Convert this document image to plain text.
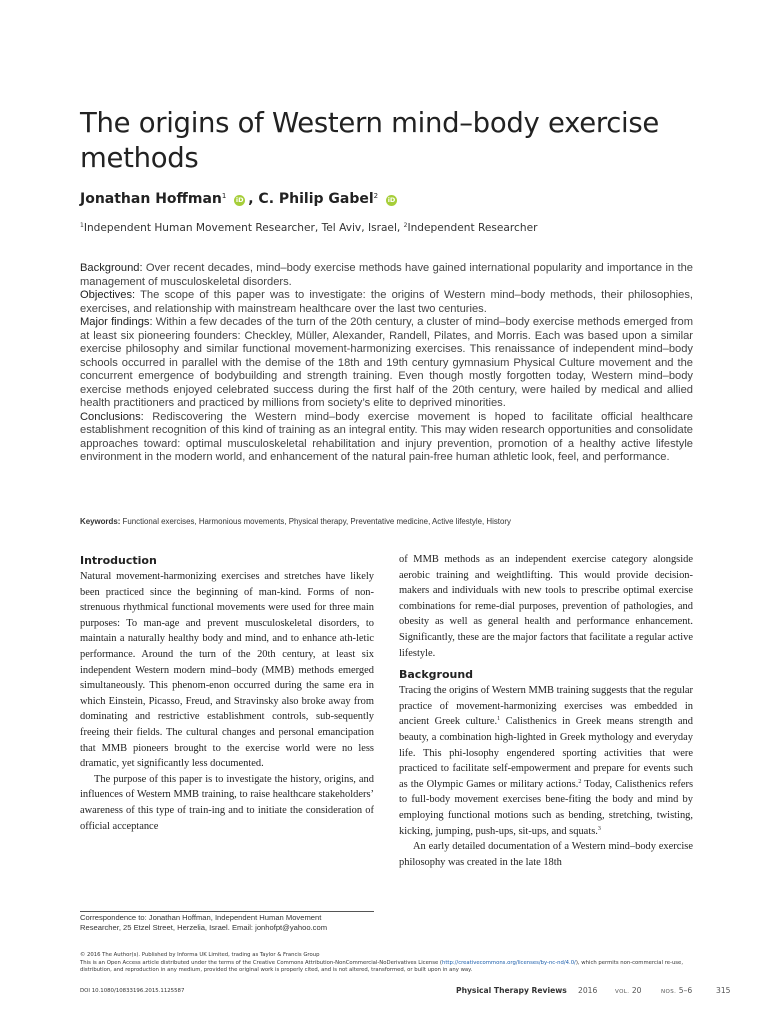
The origins of Western mind–body exercise methods
Jonathan Hoffman$^1$ iD , C. Philip Gabel$^2$ iD
$^1$Independent Human Movement Researcher, Tel Aviv, Israel, $^2$Independent Researcher

Background: Over recent decades, mind–body exercise methods have gained international popularity and importance in the management of musculoskeletal disorders.

Objectives: The scope of this paper was to investigate: the origins of Western mind–body methods, their philosophies, exercises, and relationship with mainstream healthcare over the last two centuries.

Major findings: Within a few decades of the turn of the 20th century, a cluster of mind–body exercise methods emerged from at least six pioneering founders: Checkley, Müller, Alexander, Randell, Pilates, and Morris. Each was based upon a similar exercise philosophy and similar functional movement-harmonizing exercises. This renaissance of independent mind–body schools occurred in parallel with the demise of the 18th and 19th century gymnasium Physical Culture movement and the concurrent emergence of bodybuilding and strength training. Even though mostly forgotten today, Western mind–body exercise methods enjoyed celebrated success during the first half of the 20th century, were hailed by medical and allied health practitioners and practiced by millions from society’s elite to deprived minorities.

Conclusions: Rediscovering the Western mind–body exercise movement is hoped to facilitate official healthcare establishment recognition of this kind of training as an integral entity. This may widen research opportunities and consolidate approaches toward: optimal musculoskeletal rehabilitation and injury prevention, promotion of a healthy active lifestyle environment in the modern world, and enhancement of the natural pain-free human athletic look, feel, and performance.

Keywords: Functional exercises, Harmonious movements, Physical therapy, Preventative medicine, Active lifestyle, History
Introduction

Natural movement-harmonizing exercises and stretches have likely been practiced since the beginning of man-kind. Forms of non-strenuous rhythmical functional movements were used for three main purposes: To man-age and prevent musculoskeletal disorders, to maintain a naturally healthy body and mind, and to enhance ath-letic performance. Around the turn of the 20th century, at least six independent Western modern mind–body (MMB) methods emerged simultaneously. This phenom-enon occurred during the same era in which Einstein, Picasso, Freud, and Stravinsky also broke away from dominating and restrictive establishment controls, sub-sequently freeing their fields. The cultural changes and personal emancipation that MMB pioneers brought to the exercise world were no less dramatic, yet significantly less documented.

The purpose of this paper is to investigate the history, origins, and influences of Western MMB training, to raise healthcare stakeholders’ awareness of this type of train-ing and to initiate the consideration of official acceptance

of MMB methods as an independent exercise category alongside aerobic training and weightlifting. This would provide decision-makers and individuals with new tools to prescribe optimal exercise combinations for reme-dial purposes, prevention of pathologies, and obesity as well as general health and performance enhancement. Significantly, these are the major factors that facilitate a regular active lifestyle.

Background

Tracing the origins of Western MMB training suggests that the regular practice of movement-harmonizing exercises was embedded in ancient Greek culture.$^1$ Calisthenics in Greek means strength and beauty, a combination high-lighted in Greek mythology and everyday life. This phi-losophy engendered sporting activities that were practiced to facilitate self-empowerment and prepare for events such as the Olympic Games or military actions.$^2$ Today, Calisthenics refers to full-body movement exercises bene-fiting the body and mind by employing functional motions such as bending, stretching, twisting, kicking, jumping, push-ups, sit-ups, and squats.$^3$

An early detailed documentation of a Western mind–body exercise philosophy was created in the late 18th

Correspondence to: Jonathan Hoffman, Independent Human Movement

Researcher, 25 Etzel Street, Herzelia, Israel. Email: jonhofpt@yahoo.com

© 2016 The Author(s). Published by Informa UK Limited, trading as Taylor & Francis Group

This is an Open Access article distributed under the terms of the Creative Commons Attribution-NonCommercial-NoDerivatives License (http://creativecommons.org/licenses/by-nc-nd/4.0/), which permits non-commercial re-use, distribution, and reproduction in any medium, provided the original work is properly cited, and is not altered, transformed, or built upon in any way.

DOI 10.1080/10833196.2015.1125587	Physical Therapy Reviews 2016	VOL. 20	NOS. 5–6	315
